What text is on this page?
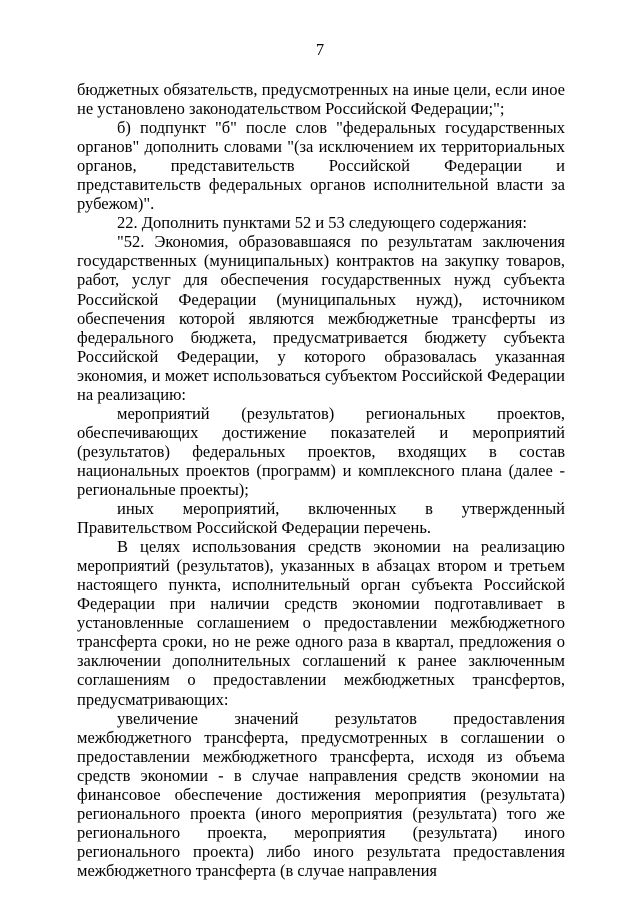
7

бюджетных обязательств, предусмотренных на иные цели, если иное не установлено законодательством Российской Федерации;";

б) подпункт "б" после слов "федеральных государственных органов" дополнить словами "(за исключением их территориальных органов, представительств Российской Федерации и представительств федеральных органов исполнительной власти за рубежом)".

22. Дополнить пунктами 52 и 53 следующего содержания:

"52. Экономия, образовавшаяся по результатам заключения государственных (муниципальных) контрактов на закупку товаров, работ, услуг для обеспечения государственных нужд субъекта Российской Федерации (муниципальных нужд), источником обеспечения которой являются межбюджетные трансферты из федерального бюджета, предусматривается бюджету субъекта Российской Федерации, у которого образовалась указанная экономия, и может использоваться субъектом Российской Федерации на реализацию:

мероприятий (результатов) региональных проектов, обеспечивающих достижение показателей и мероприятий (результатов) федеральных проектов, входящих в состав национальных проектов (программ) и комплексного плана (далее - региональные проекты);

иных мероприятий, включенных в утвержденный Правительством Российской Федерации перечень.

В целях использования средств экономии на реализацию мероприятий (результатов), указанных в абзацах втором и третьем настоящего пункта, исполнительный орган субъекта Российской Федерации при наличии средств экономии подготавливает в установленные соглашением о предоставлении межбюджетного трансферта сроки, но не реже одного раза в квартал, предложения о заключении дополнительных соглашений к ранее заключенным соглашениям о предоставлении межбюджетных трансфертов, предусматривающих:

увеличение значений результатов предоставления межбюджетного трансферта, предусмотренных в соглашении о предоставлении межбюджетного трансферта, исходя из объема средств экономии - в случае направления средств экономии на финансовое обеспечение достижения мероприятия (результата) регионального проекта (иного мероприятия (результата) того же регионального проекта, мероприятия (результата) иного регионального проекта) либо иного результата предоставления межбюджетного трансферта (в случае направления
